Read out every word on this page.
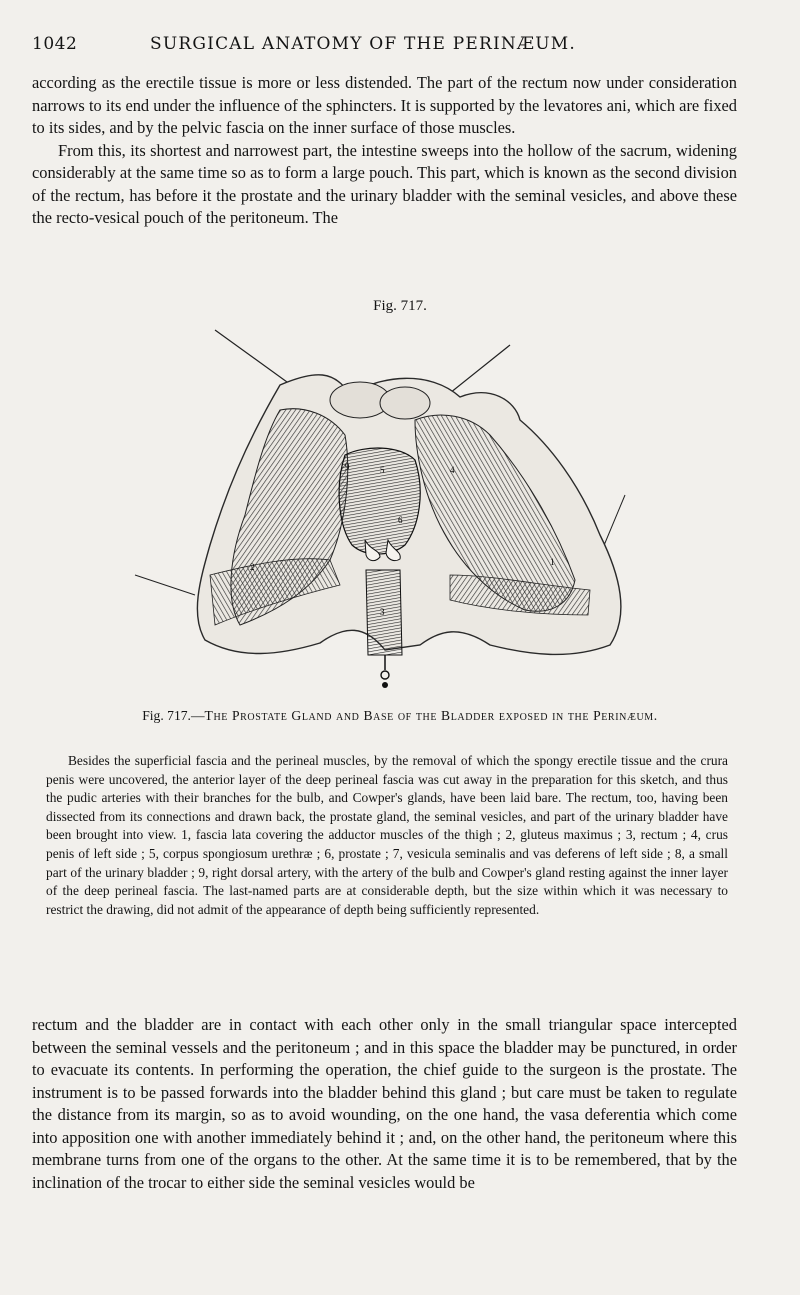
1042	SURGICAL ANATOMY OF THE PERINÆUM.

according as the erectile tissue is more or less distended. The part of the rectum now under consideration narrows to its end under the influence of the sphincters. It is supported by the levatores ani, which are fixed to its sides, and by the pelvic fascia on the inner surface of those muscles.

From this, its shortest and narrowest part, the intestine sweeps into the hollow of the sacrum, widening considerably at the same time so as to form a large pouch. This part, which is known as the second division of the rectum, has before it the prostate and the urinary bladder with the seminal vesicles, and above these the recto-vesical pouch of the peritoneum. The

Fig. 717.
9	5	4
6
3
2	1
Fig. 717.—The Prostate Gland and Base of the Bladder exposed in the Perinæum.

Besides the superficial fascia and the perineal muscles, by the removal of which the spongy erectile tissue and the crura penis were uncovered, the anterior layer of the deep perineal fascia was cut away in the preparation for this sketch, and thus the pudic arteries with their branches for the bulb, and Cowper's glands, have been laid bare. The rectum, too, having been dissected from its connections and drawn back, the prostate gland, the seminal vesicles, and part of the urinary bladder have been brought into view. 1, fascia lata covering the adductor muscles of the thigh ; 2, gluteus maximus ; 3, rectum ; 4, crus penis of left side ; 5, corpus spongiosum urethræ ; 6, prostate ; 7, vesicula seminalis and vas deferens of left side ; 8, a small part of the urinary bladder ; 9, right dorsal artery, with the artery of the bulb and Cowper's gland resting against the inner layer of the deep perineal fascia. The last-named parts are at considerable depth, but the size within which it was necessary to restrict the drawing, did not admit of the appearance of depth being sufficiently represented.

rectum and the bladder are in contact with each other only in the small triangular space intercepted between the seminal vessels and the peritoneum ; and in this space the bladder may be punctured, in order to evacuate its contents. In performing the operation, the chief guide to the surgeon is the prostate. The instrument is to be passed forwards into the bladder behind this gland ; but care must be taken to regulate the distance from its margin, so as to avoid wounding, on the one hand, the vasa deferentia which come into apposition one with another immediately behind it ; and, on the other hand, the peritoneum where this membrane turns from one of the organs to the other. At the same time it is to be remembered, that by the inclination of the trocar to either side the seminal vesicles would be
